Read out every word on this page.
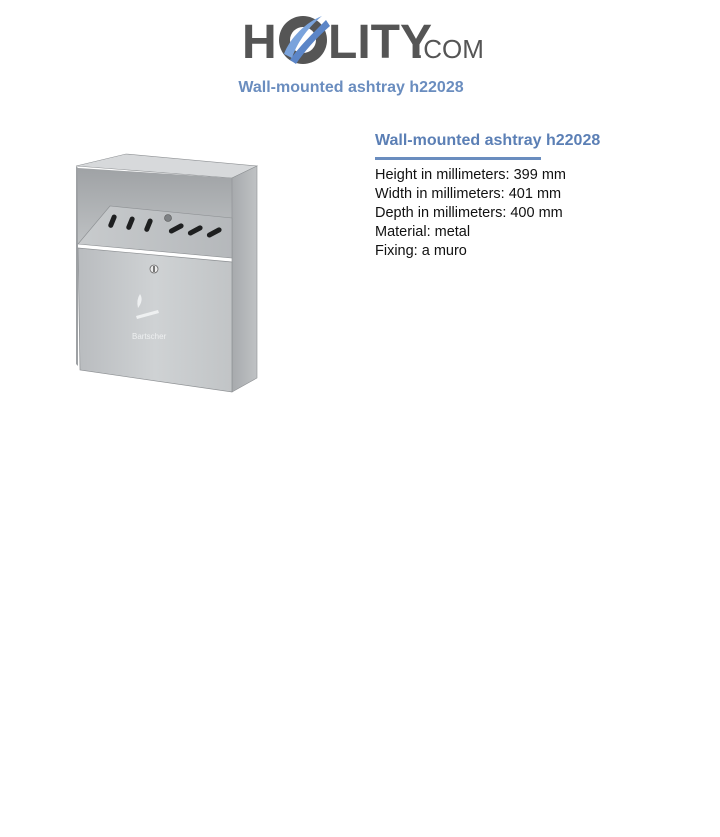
H LITY
.COM
Wall-mounted ashtray h22028
Bartscher
Wall-mounted ashtray h22028
Height in millimeters: 399 mm
Width in millimeters: 401 mm
Depth in millimeters: 400 mm
Material: metal
Fixing: a muro
